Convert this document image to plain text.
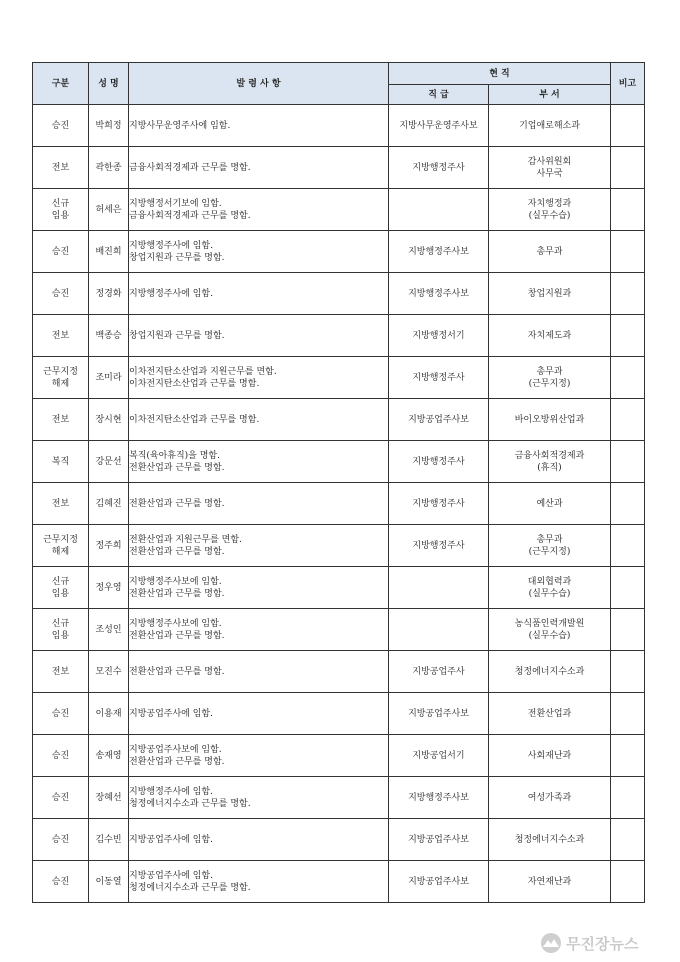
구분	성 명	발 령 사 항	현 직		비고
			직 급	부 서	

승진	박희정	지방사무운영주사에 임함.	지방사무운영주사보	기업애로해소과	

전보	곽한종	금융사회적경제과 근무를 명함.	지방행정주사	감사위원회
사무국	

신규
임용	허세은	지방행정서기보에 임함.
금융사회적경제과 근무를 명함.		자치행정과
(실무수습)	

승진	배진희	지방행정주사에 임함.
창업지원과 근무를 명함.	지방행정주사보	총무과	

승진	정경화	지방행정주사에 임함.	지방행정주사보	창업지원과	

전보	백종승	창업지원과 근무를 명함.	지방행정서기	자치제도과	

근무지정
해제	조미라	이차전지탄소산업과 지원근무를 면함.
이차전지탄소산업과 근무를 명함.	지방행정주사	총무과
(근무지정)	

전보	장시현	이차전지탄소산업과 근무를 명함.	지방공업주사보	바이오방위산업과	

복직	강문선	복직(육아휴직)을 명함.
전환산업과 근무를 명함.	지방행정주사	금융사회적경제과
(휴직)	

전보	김혜진	전환산업과 근무를 명함.	지방행정주사	예산과	

근무지정
해제	정주희	전환산업과 지원근무를 면함.
전환산업과 근무를 명함.	지방행정주사	총무과
(근무지정)	

신규
임용	정우영	지방행정주사보에 임함.
전환산업과 근무를 명함.		대외협력과
(실무수습)	

신규
임용	조성인	지방행정주사보에 임함.
전환산업과 근무를 명함.		농식품인력개발원
(실무수습)	

전보	모진수	전환산업과 근무를 명함.	지방공업주사	청정에너지수소과	

승진	이용재	지방공업주사에 임함.	지방공업주사보	전환산업과	

승진	송재영	지방공업주사보에 임함.
전환산업과 근무를 명함.	지방공업서기	사회재난과	

승진	장혜선	지방행정주사에 임함.
청정에너지수소과 근무를 명함.	지방행정주사보	여성가족과	

승진	김수빈	지방공업주사에 임함.	지방공업주사보	청정에너지수소과	

승진	이동열	지방공업주사에 임함.
청정에너지수소과 근무를 명함.	지방공업주사보	자연재난과	

무진장뉴스
